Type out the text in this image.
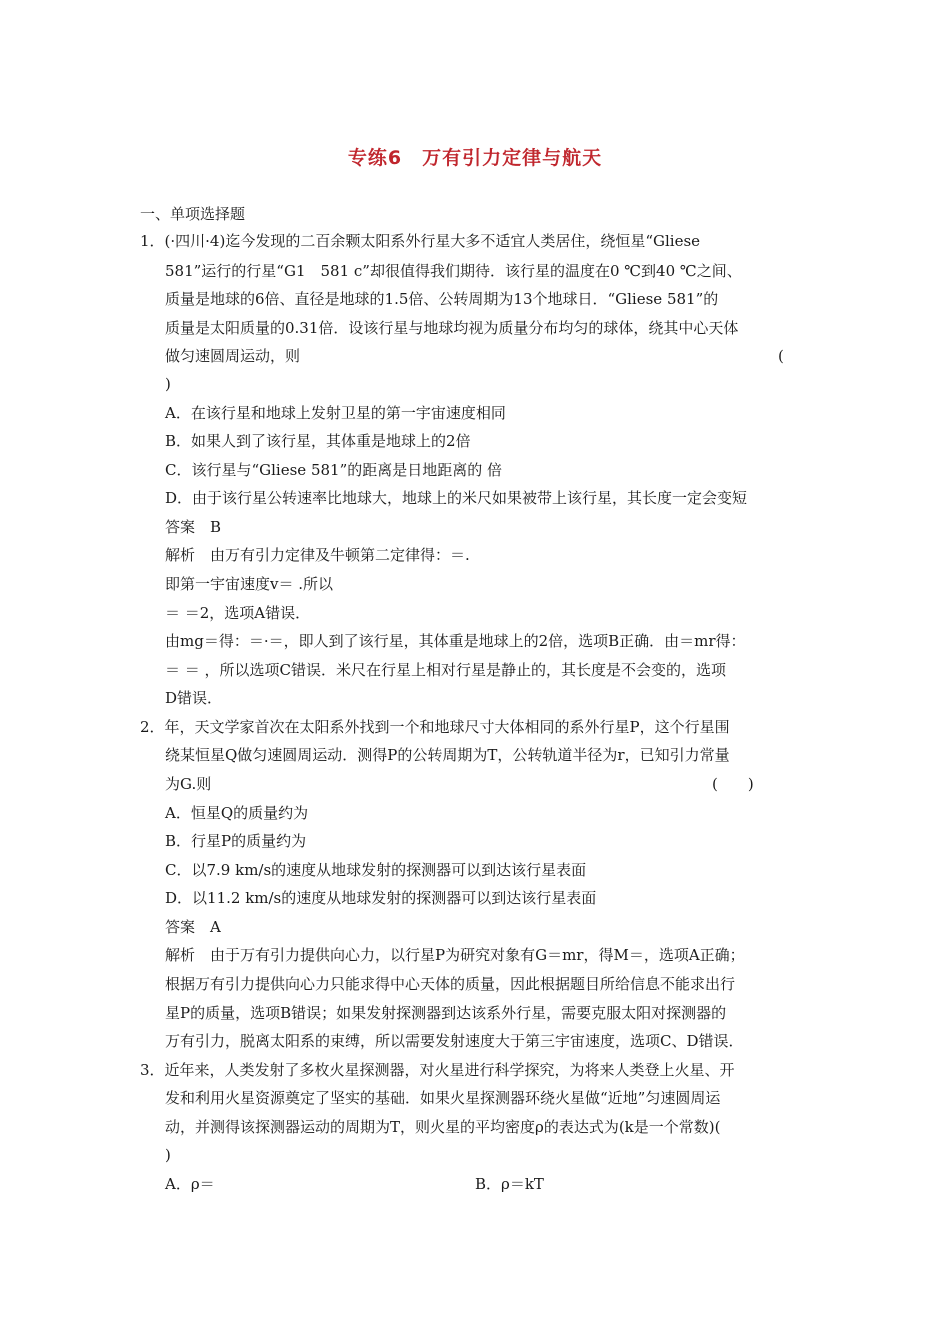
专练6　万有引力定律与航天
一、单项选择题
1．(·四川·4)迄今发现的二百余颗太阳系外行星大多不适宜人类居住，绕恒星“Gliese
581”运行的行星“G1　581 c”却很值得我们期待．该行星的温度在0 ℃到40 ℃之间、
质量是地球的6倍、直径是地球的1.5倍、公转周期为13个地球日．“Gliese 581”的
质量是太阳质量的0.31倍．设该行星与地球均视为质量分布均匀的球体，绕其中心天体
做匀速圆周运动，则	(
)
A．在该行星和地球上发射卫星的第一宇宙速度相同
B．如果人到了该行星，其体重是地球上的2倍
C．该行星与“Gliese 581”的距离是日地距离的 倍
D．由于该行星公转速率比地球大，地球上的米尺如果被带上该行星，其长度一定会变短
答案　B
解析　由万有引力定律及牛顿第二定律得：＝.
即第一宇宙速度v＝ .所以
＝ ＝2，选项A错误．
由mg＝得：＝·＝，即人到了该行星，其体重是地球上的2倍，选项B正确．由＝mr得：
＝ ＝ ，所以选项C错误．米尺在行星上相对行星是静止的，其长度是不会变的，选项
D错误．
2．年，天文学家首次在太阳系外找到一个和地球尺寸大体相同的系外行星P，这个行星围
绕某恒星Q做匀速圆周运动．测得P的公转周期为T，公转轨道半径为r，已知引力常量
为G.则	(　　)
A．恒星Q的质量约为
B．行星P的质量约为
C．以7.9 km/s的速度从地球发射的探测器可以到达该行星表面
D．以11.2 km/s的速度从地球发射的探测器可以到达该行星表面
答案　A
解析　由于万有引力提供向心力，以行星P为研究对象有G＝mr，得M＝，选项A正确；
根据万有引力提供向心力只能求得中心天体的质量，因此根据题目所给信息不能求出行
星P的质量，选项B错误；如果发射探测器到达该系外行星，需要克服太阳对探测器的
万有引力，脱离太阳系的束缚，所以需要发射速度大于第三宇宙速度，选项C、D错误．
3．近年来，人类发射了多枚火星探测器，对火星进行科学探究，为将来人类登上火星、开
发和利用火星资源奠定了坚实的基础．如果火星探测器环绕火星做“近地”匀速圆周运
动，并测得该探测器运动的周期为T，则火星的平均密度ρ的表达式为(k是一个常数)(
)
A．ρ＝	B．ρ＝kT
